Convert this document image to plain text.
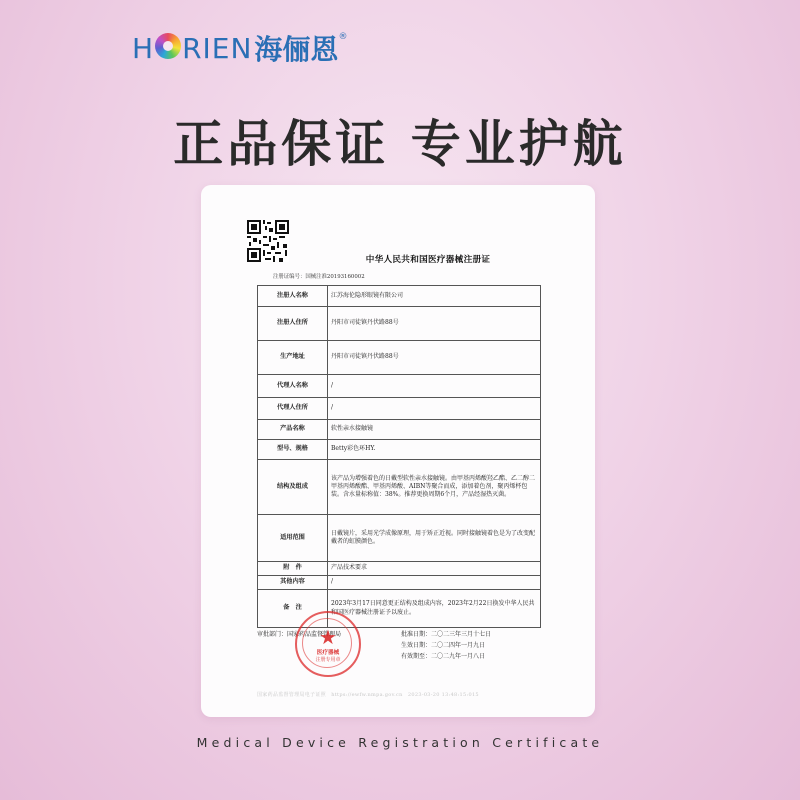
H RIEN 海俪恩 ®
正品保证 专业护航
中华人民共和国医疗器械注册证
注册证编号：国械注准20193160002
注册人名称	江苏海伦隐形眼镜有限公司
注册人住所	丹阳市司徒镇丹伏路88号
生产地址	丹阳市司徒镇丹伏路88号
代理人名称	/
代理人住所	/
产品名称	软性亲水接触镜
型号、规格	Betty彩色环HY.
结构及组成	该产品为增强着色的日戴型软性亲水接触镜。由甲基丙烯酸羟乙酯、乙二醇二甲基丙烯酸酯、甲基丙烯酸、AIBN等聚合而成，添加着色剂，聚丙烯杯包装。含水量标称值：38%。推荐更换周期6个月，产品经湿热灭菌。
适用范围	日戴镜片，采用光学成像原理，用于矫正近视。同时接触镜着色是为了改变配戴者的虹膜颜色。
附　件	产品技术要求
其他内容	/
备　注	2023年3月17日同意更正结构及组成内容，2023年2月22日换发中华人民共和国医疗器械注册证予以废止。
审批部门：国家药品监督管理局	批准日期：二〇二三年三月十七日
生效日期：二〇二四年一月九日
有效期至：二〇二九年一月八日
★
医疗器械
注册专用章
国家药品监督管理局电子证照　https://ewfw.nmpa.gov.cn　2023-03-20 13:48:15:015
Medical Device Registration Certificate
